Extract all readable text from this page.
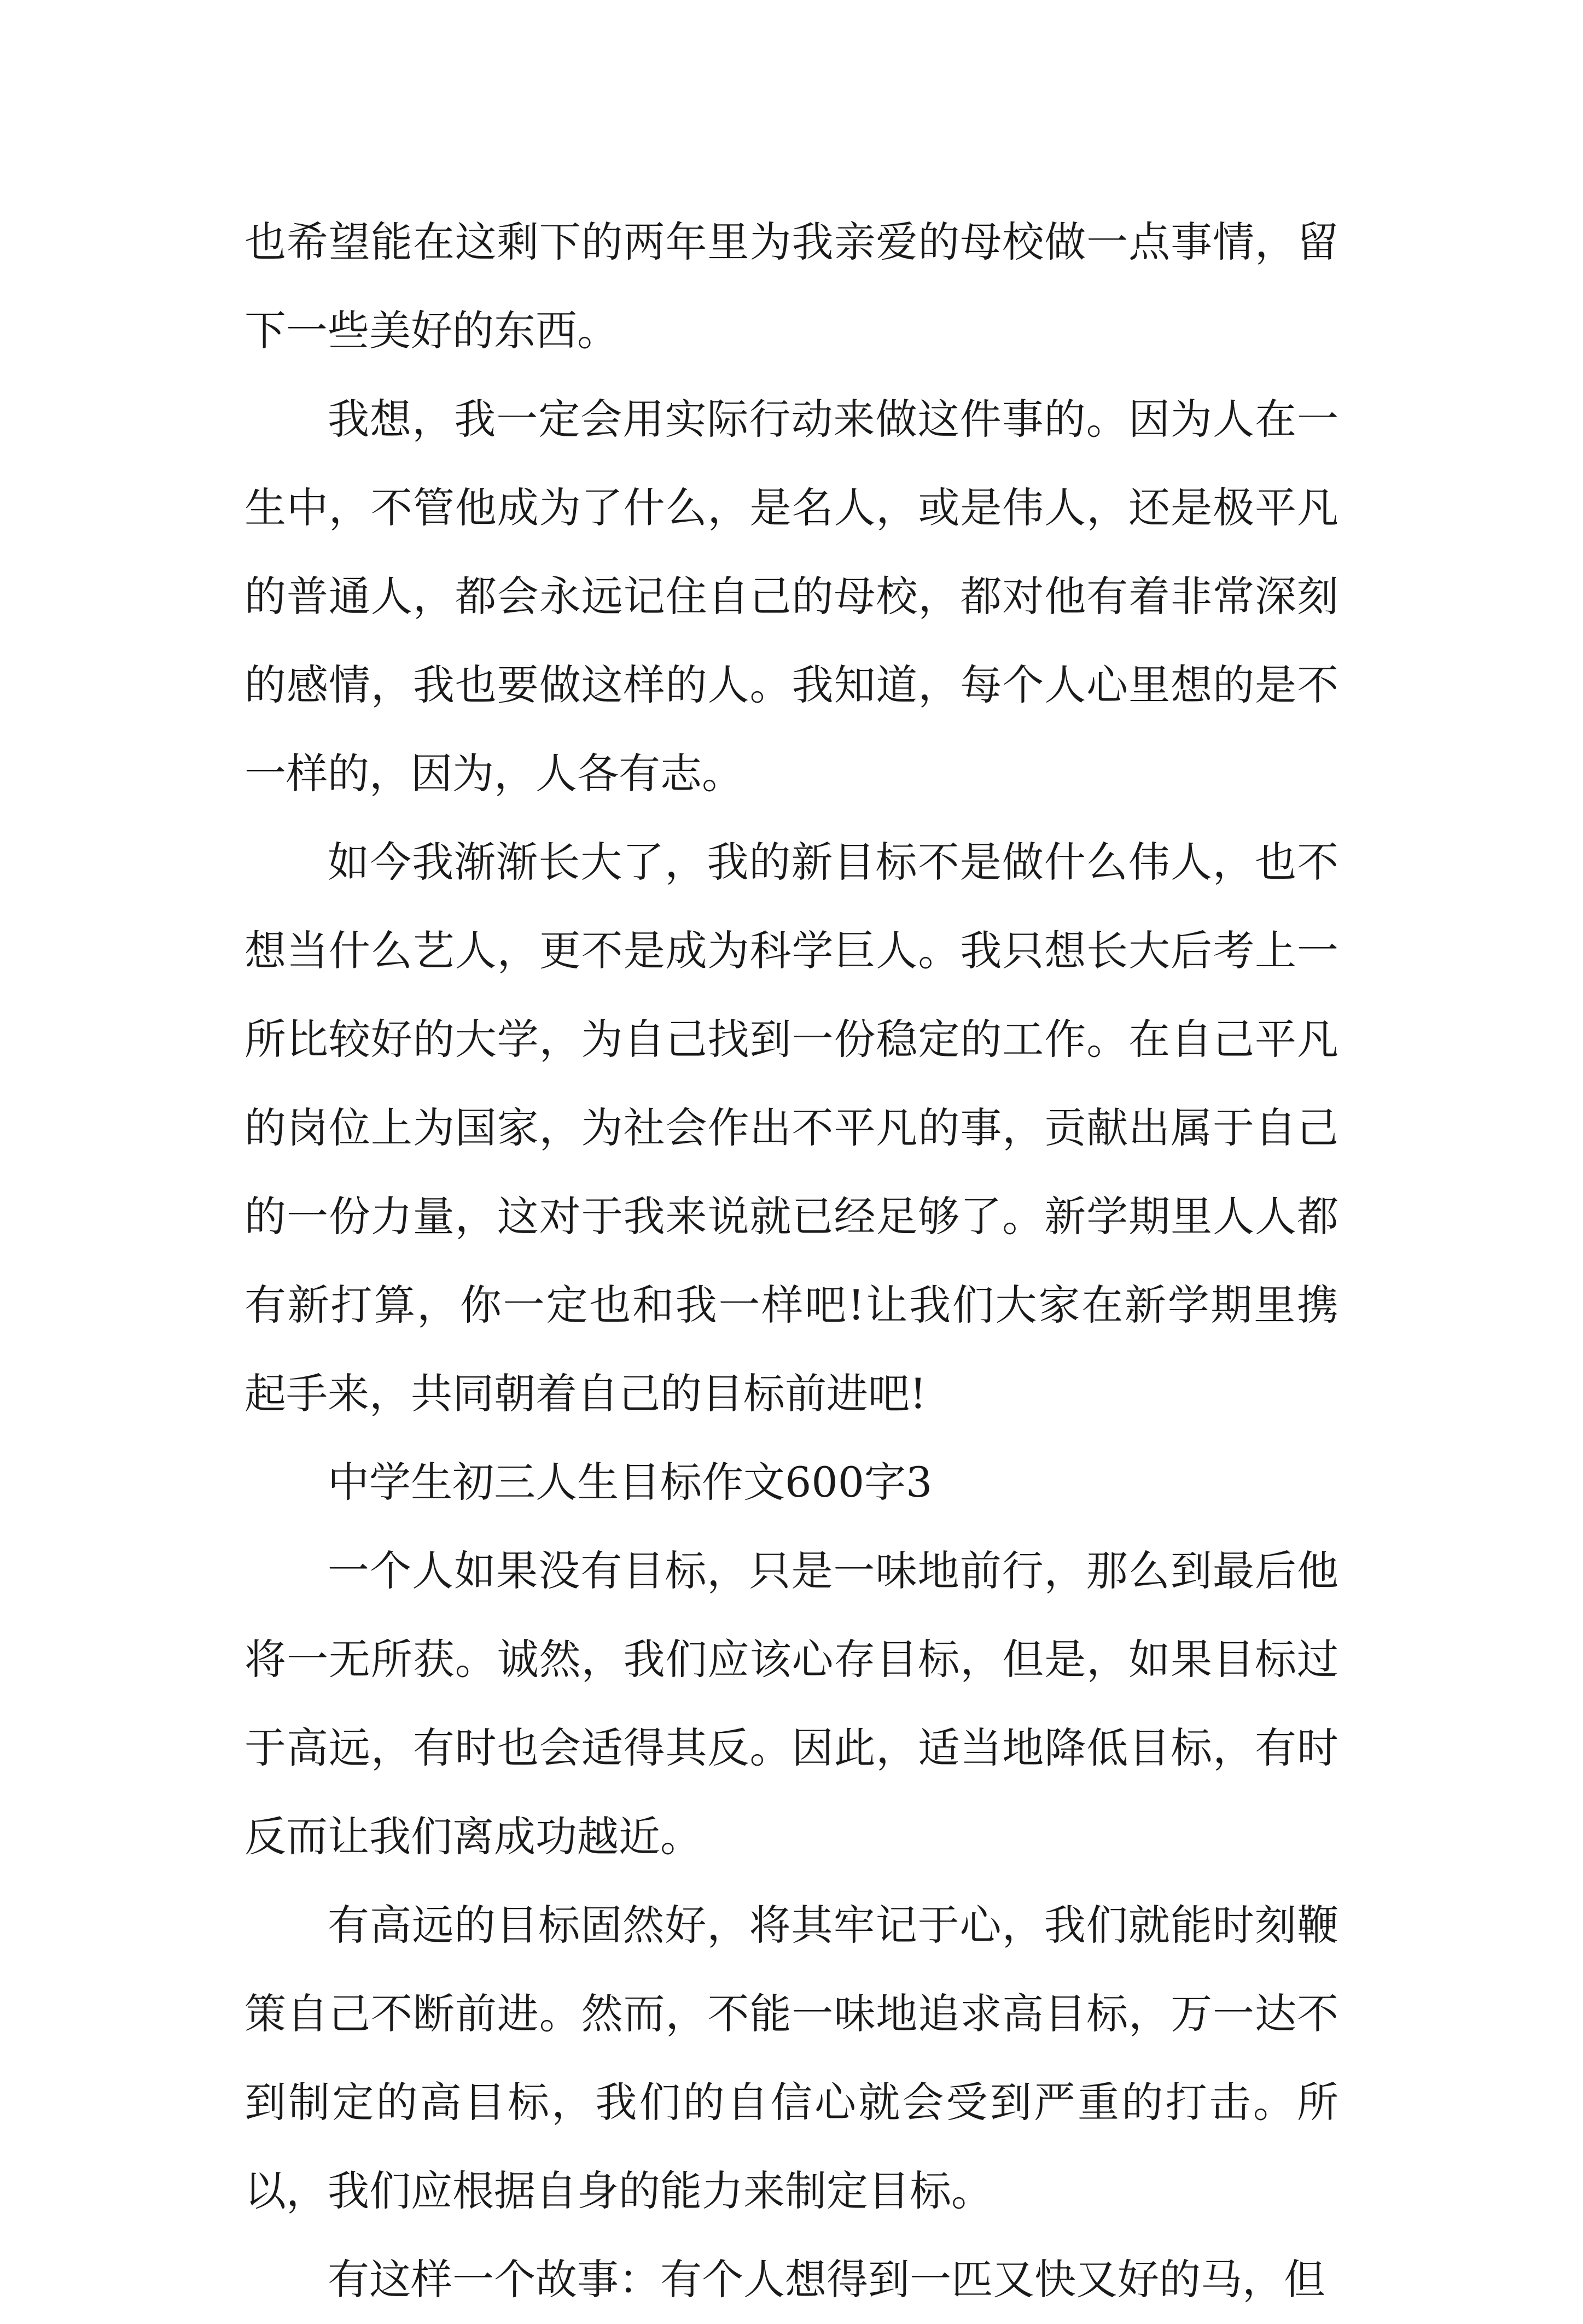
也希望能在这剩下的两年里为我亲爱的母校做一点事情，留下一些美好的东西。

我想，我一定会用实际行动来做这件事的。因为人在一生中，不管他成为了什么，是名人，或是伟人，还是极平凡的普通人，都会永远记住自己的母校，都对他有着非常深刻的感情，我也要做这样的人。我知道，每个人心里想的是不一样的，因为，人各有志。

如今我渐渐长大了，我的新目标不是做什么伟人，也不想当什么艺人，更不是成为科学巨人。我只想长大后考上一所比较好的大学，为自己找到一份稳定的工作。在自己平凡的岗位上为国家，为社会作出不平凡的事，贡献出属于自己的一份力量，这对于我来说就已经足够了。新学期里人人都有新打算，你一定也和我一样吧!让我们大家在新学期里携起手来，共同朝着自己的目标前进吧!

中学生初三人生目标作文600字3

一个人如果没有目标，只是一味地前行，那么到最后他将一无所获。诚然，我们应该心存目标，但是，如果目标过于高远，有时也会适得其反。因此，适当地降低目标，有时反而让我们离成功越近。

有高远的目标固然好，将其牢记于心，我们就能时刻鞭策自己不断前进。然而，不能一味地追求高目标，万一达不到制定的高目标，我们的自信心就会受到严重的打击。所以，我们应根据自身的能力来制定目标。

有这样一个故事：有个人想得到一匹又快又好的马，但
